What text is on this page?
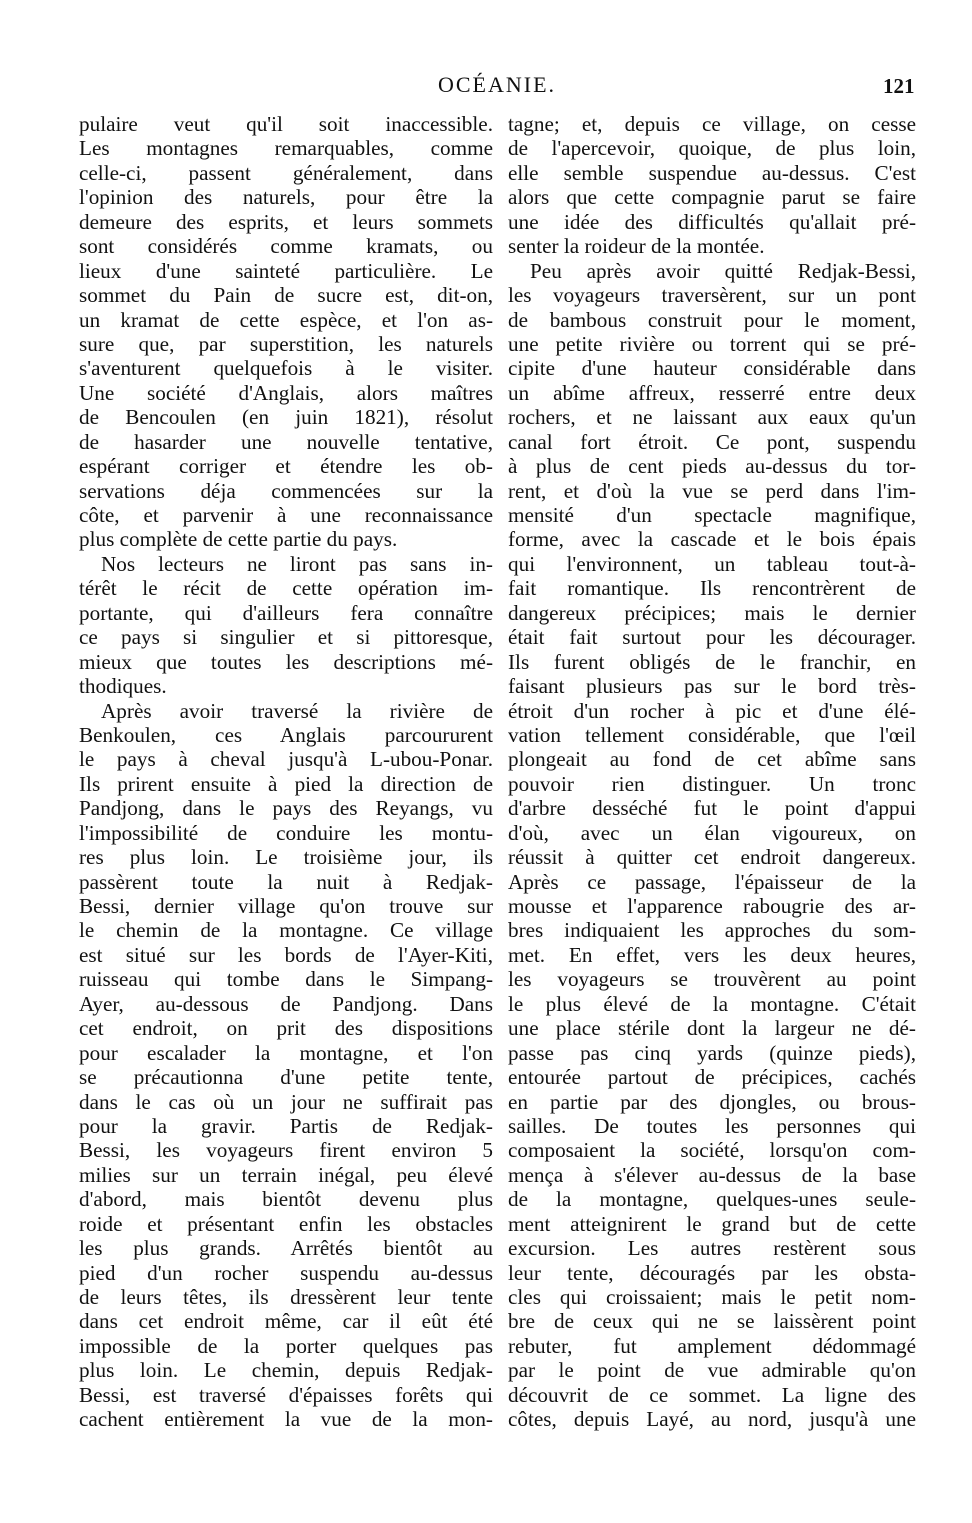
OCÉANIE.	121
pulaire veut qu'il soit inaccessible.
Les montagnes remarquables, comme
celle-ci, passent généralement, dans
l'opinion des naturels, pour être la
demeure des esprits, et leurs sommets
sont considérés comme kramats, ou
lieux d'une sainteté particulière. Le
sommet du Pain de sucre est, dit-on,
un kramat de cette espèce, et l'on as-
sure que, par superstition, les naturels
s'aventurent quelquefois à le visiter.
Une société d'Anglais, alors maîtres
de Bencoulen (en juin 1821), résolut
de hasarder une nouvelle tentative,
espérant corriger et étendre les ob-
servations déja commencées sur la
côte, et parvenir à une reconnaissance
plus complète de cette partie du pays.
Nos lecteurs ne liront pas sans in-
térêt le récit de cette opération im-
portante, qui d'ailleurs fera connaître
ce pays si singulier et si pittoresque,
mieux que toutes les descriptions mé-
thodiques.
Après avoir traversé la rivière de
Benkoulen, ces Anglais parcoururent
le pays à cheval jusqu'à L-ubou-Ponar.
Ils prirent ensuite à pied la direction de
Pandjong, dans le pays des Reyangs, vu
l'impossibilité de conduire les montu-
res plus loin. Le troisième jour, ils
passèrent toute la nuit à Redjak-
Bessi, dernier village qu'on trouve sur
le chemin de la montagne. Ce village
est situé sur les bords de l'Ayer-Kiti,
ruisseau qui tombe dans le Simpang-
Ayer, au-dessous de Pandjong. Dans
cet endroit, on prit des dispositions
pour escalader la montagne, et l'on
se précautionna d'une petite tente,
dans le cas où un jour ne suffirait pas
pour la gravir. Partis de Redjak-
Bessi, les voyageurs firent environ 5
milies sur un terrain inégal, peu élevé
d'abord, mais bientôt devenu plus
roide et présentant enfin les obstacles
les plus grands. Arrêtés bientôt au
pied d'un rocher suspendu au-dessus
de leurs têtes, ils dressèrent leur tente
dans cet endroit même, car il eût été
impossible de la porter quelques pas
plus loin. Le chemin, depuis Redjak-
Bessi, est traversé d'épaisses forêts qui
cachent entièrement la vue de la mon-
tagne; et, depuis ce village, on cesse
de l'apercevoir, quoique, de plus loin,
elle semble suspendue au-dessus. C'est
alors que cette compagnie parut se faire
une idée des difficultés qu'allait pré-
senter la roideur de la montée.
Peu après avoir quitté Redjak-Bessi,
les voyageurs traversèrent, sur un pont
de bambous construit pour le moment,
une petite rivière ou torrent qui se pré-
cipite d'une hauteur considérable dans
un abîme affreux, resserré entre deux
rochers, et ne laissant aux eaux qu'un
canal fort étroit. Ce pont, suspendu
à plus de cent pieds au-dessus du tor-
rent, et d'où la vue se perd dans l'im-
mensité d'un spectacle magnifique,
forme, avec la cascade et le bois épais
qui l'environnent, un tableau tout-à-
fait romantique. Ils rencontrèrent de
dangereux précipices; mais le dernier
était fait surtout pour les décourager.
Ils furent obligés de le franchir, en
faisant plusieurs pas sur le bord très-
étroit d'un rocher à pic et d'une élé-
vation tellement considérable, que l'œil
plongeait au fond de cet abîme sans
pouvoir rien distinguer. Un tronc
d'arbre desséché fut le point d'appui
d'où, avec un élan vigoureux, on
réussit à quitter cet endroit dangereux.
Après ce passage, l'épaisseur de la
mousse et l'apparence rabougrie des ar-
bres indiquaient les approches du som-
met. En effet, vers les deux heures,
les voyageurs se trouvèrent au point
le plus élevé de la montagne. C'était
une place stérile dont la largeur ne dé-
passe pas cinq yards (quinze pieds),
entourée partout de précipices, cachés
en partie par des djongles, ou brous-
sailles. De toutes les personnes qui
composaient la société, lorsqu'on com-
mença à s'élever au-dessus de la base
de la montagne, quelques-unes seule-
ment atteignirent le grand but de cette
excursion. Les autres restèrent sous
leur tente, découragés par les obsta-
cles qui croissaient; mais le petit nom-
bre de ceux qui ne se laissèrent point
rebuter, fut amplement dédommagé
par le point de vue admirable qu'on
découvrit de ce sommet. La ligne des
côtes, depuis Layé, au nord, jusqu'à une
